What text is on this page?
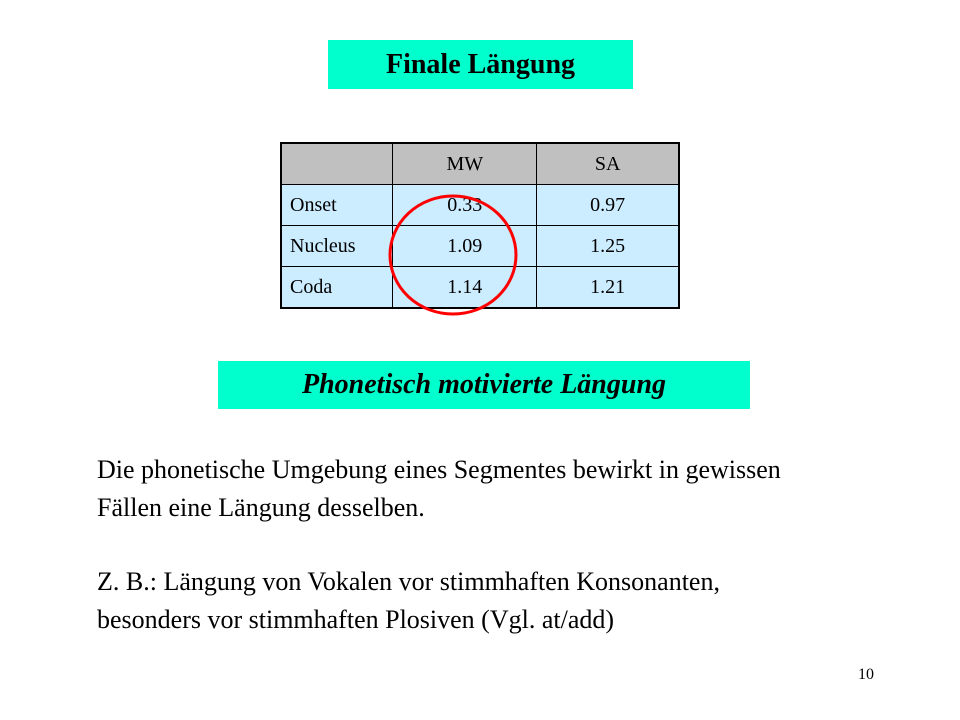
Finale Längung
	MW	SA
Onset	0.33	0.97
Nucleus	1.09	1.25
Coda	1.14	1.21
Phonetisch motivierte Längung
Die phonetische Umgebung eines Segmentes bewirkt in gewissen
Fällen eine Längung desselben.
Z. B.: Längung von Vokalen vor stimmhaften Konsonanten,
besonders vor stimmhaften Plosiven (Vgl. at/add)
10
